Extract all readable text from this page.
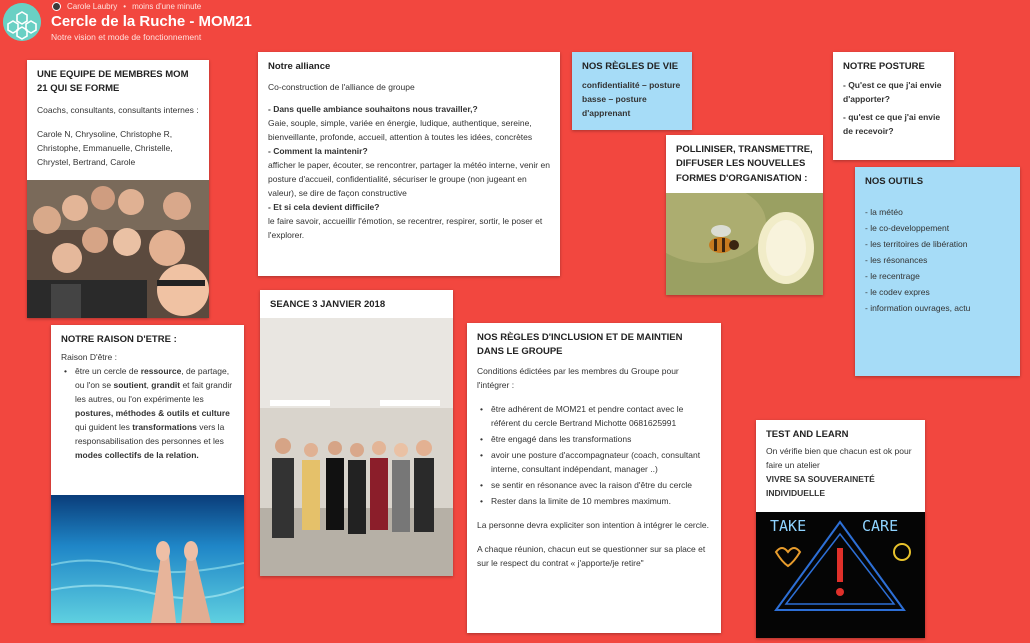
Carole Laubry • moins d'une minute
Cercle de la Ruche - MOM21
Notre vision et mode de fonctionnement
UNE EQUIPE DE MEMBRES MOM 21 QUI SE FORME
Coachs, consultants, consultants internes :
Carole N, Chrysoline, Christophe R, Christophe, Emmanuelle, Christelle, Chrystel, Bertrand, Carole
Notre alliance
Co-construction de l'alliance de groupe
- Dans quelle ambiance souhaitons nous travailler,?
Gaie, souple, simple, variée en énergie, ludique, authentique, sereine, bienveillante, profonde, accueil, attention à toutes les idées, concrètes
- Comment la maintenir?
afficher le paper, écouter, se rencontrer, partager la météo interne, venir en posture d'accueil, confidentialité, sécuriser le groupe (non jugeant en valeur), se dire de façon constructive
- Et si cela devient difficile?
le faire savoir, accueillir l'émotion, se recentrer, respirer, sortir, le poser et l'explorer.
NOS RÈGLES DE VIE
confidentialité – posture basse – posture d'apprenant
NOTRE POSTURE
- Qu'est ce que j'ai envie d'apporter?
- qu'est ce que j'ai envie de recevoir?
POLLINISER, TRANSMETTRE, DIFFUSER LES NOUVELLES FORMES D'ORGANISATION :	NOS OUTILS
- la météo
- le co-developpement
- les territoires de libération
- les résonances
- le recentrage
- le codev expres
- information ouvrages, actu
NOTRE RAISON D'ETRE :
Raison D'être :
• être un cercle de ressource, de partage, ou l'on se soutient, grandit et fait grandir les autres, ou l'on expérimente les postures, méthodes & outils et culture qui guident les transformations vers la responsabilisation des personnes et les modes collectifs de la relation.
SEANCE 3 JANVIER 2018
NOS RÈGLES D'INCLUSION ET DE MAINTIEN DANS LE GROUPE
Conditions édictées par les membres du Groupe pour l'intégrer :
• être adhérent de MOM21 et pendre contact avec le référent du cercle Bertrand Michotte 0681625991
• être engagé dans les transformations
• avoir une posture d'accompagnateur (coach, consultant interne, consultant indépendant, manager ..)
• se sentir en résonance avec la raison d'être du cercle
• Rester dans la limite de 10 membres maximum.
La personne devra expliciter son intention à intégrer le cercle.
A chaque réunion, chacun eut se questionner sur sa place et sur le respect du contrat « j'apporte/je retire"
TEST AND LEARN
On vérifie bien que chacun est ok pour faire un atelier
VIVRE SA SOUVERAINETÉ INDIVIDUELLE
TAKE	CARE
